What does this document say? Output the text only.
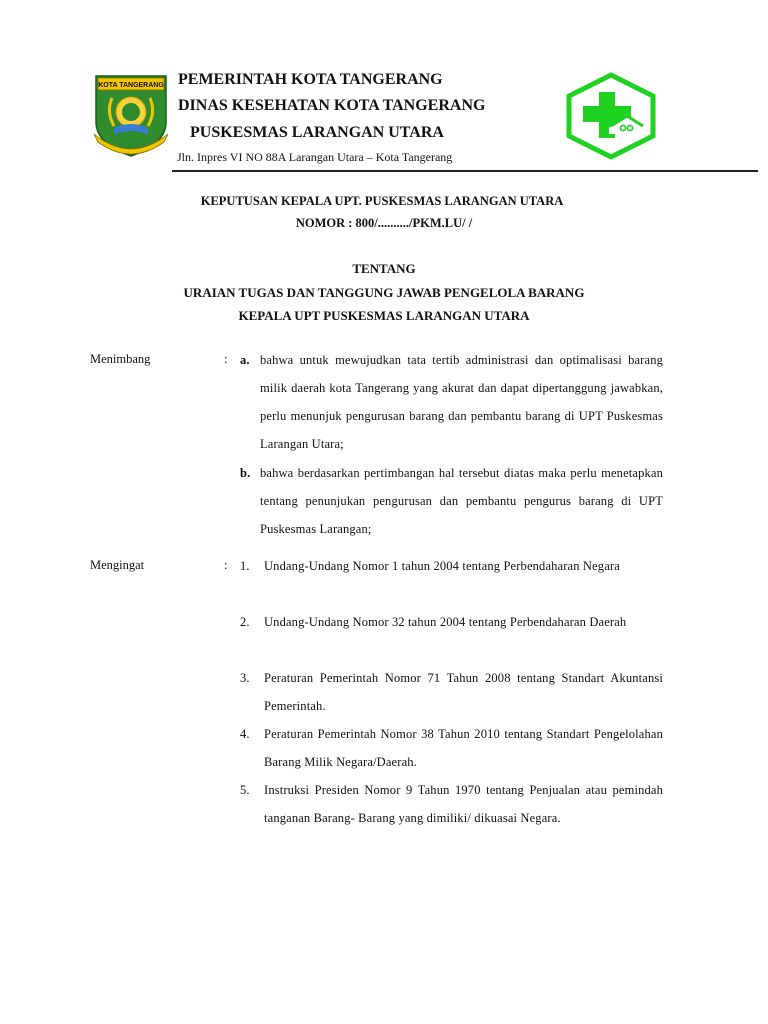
KOTA TANGERANG PEMERINTAH KOTA TANGERANG
DINAS KESEHATAN KOTA TANGERANG
PUSKESMAS LARANGAN UTARA
Jln. Inpres VI NO 88A Larangan Utara – Kota Tangerang
KEPUTUSAN KEPALA UPT. PUSKESMAS LARANGAN UTARA
NOMOR : 800/........../PKM.LU/ /
TENTANG
URAIAN TUGAS DAN TANGGUNG JAWAB PENGELOLA BARANG
KEPALA UPT PUSKESMAS LARANGAN UTARA
Menimbang	: a. bahwa untuk mewujudkan tata tertib administrasi dan optimalisasi barang milik daerah kota Tangerang yang akurat dan dapat dipertanggung jawabkan, perlu menunjuk pengurusan barang dan pembantu barang di UPT Puskesmas Larangan Utara;
b. bahwa berdasarkan pertimbangan hal tersebut diatas maka perlu menetapkan tentang penunjukan pengurusan dan pembantu pengurus barang di UPT Puskesmas Larangan;
Mengingat	: 1.	Undang-Undang Nomor 1 tahun 2004 tentang Perbendaharan Negara
2.	Undang-Undang Nomor 32 tahun 2004 tentang Perbendaharan Daerah
3.	Peraturan Pemerintah Nomor 71 Tahun 2008 tentang Standart Akuntansi Pemerintah.
4.	Peraturan Pemerintah Nomor 38 Tahun 2010 tentang Standart Pengelolahan Barang Milik Negara/Daerah.
5.	Instruksi Presiden Nomor 9 Tahun 1970 tentang Penjualan atau pemindah tanganan Barang- Barang yang dimiliki/ dikuasai Negara.
